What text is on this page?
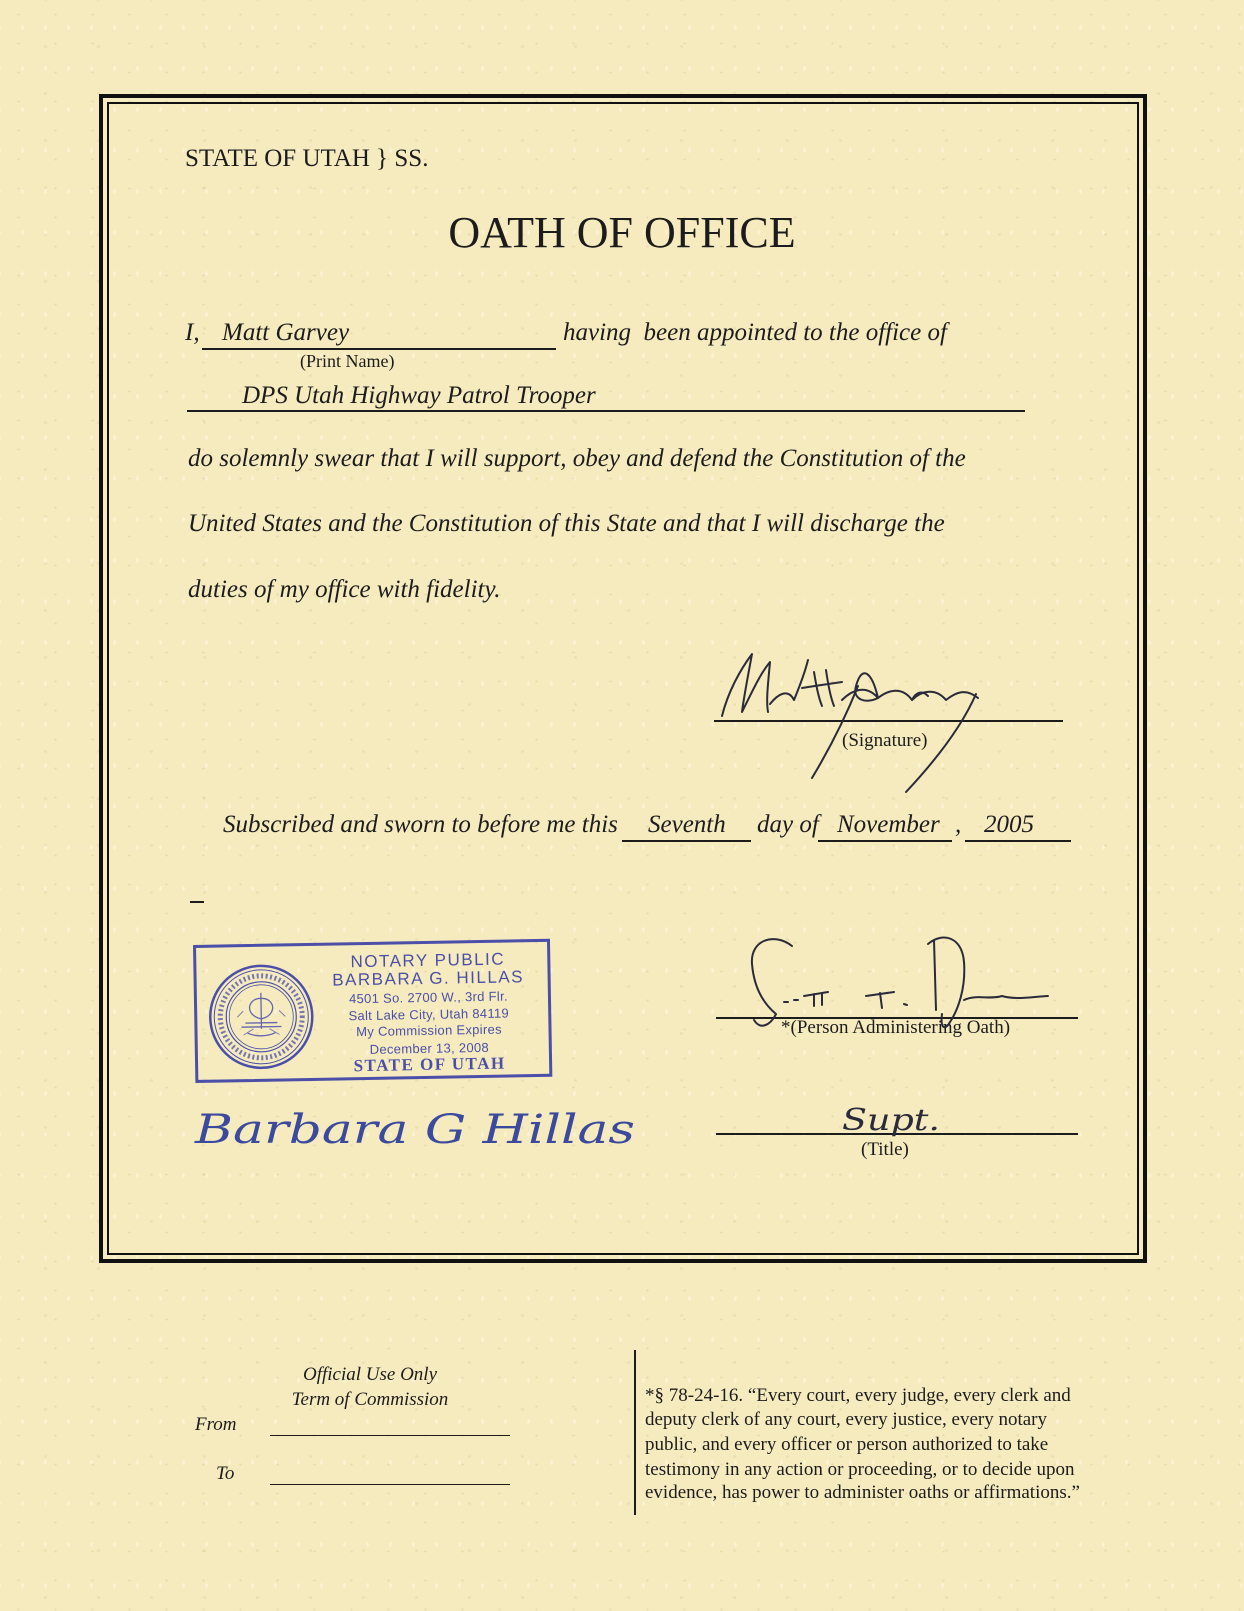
STATE OF UTAH } SS.
OATH OF OFFICE
I, Matt Garvey	having  been appointed to the office of
(Print Name)
DPS Utah Highway Patrol Trooper
do solemnly swear that I will support, obey and defend the Constitution of the
United States and the Constitution of this State and that I will discharge the
duties of my office with fidelity.
(Signature)
Subscribed and sworn to before me this Seventh day of November , 2005
NOTARY PUBLIC
BARBARA G. HILLAS
4501 So. 2700 W., 3rd Flr.
Salt Lake City, Utah 84119
My Commission Expires
December 13, 2008
STATE OF UTAH
*(Person Administering Oath)
(Title)
Supt.
Barbara G Hillas
Official Use Only
Term of Commission
From
To
*§ 78-24-16. “Every court, every judge, every clerk and
deputy clerk of any court, every justice, every notary
public, and every officer or person authorized to take
testimony in any action or proceeding, or to decide upon
evidence, has power to administer oaths or affirmations.”
